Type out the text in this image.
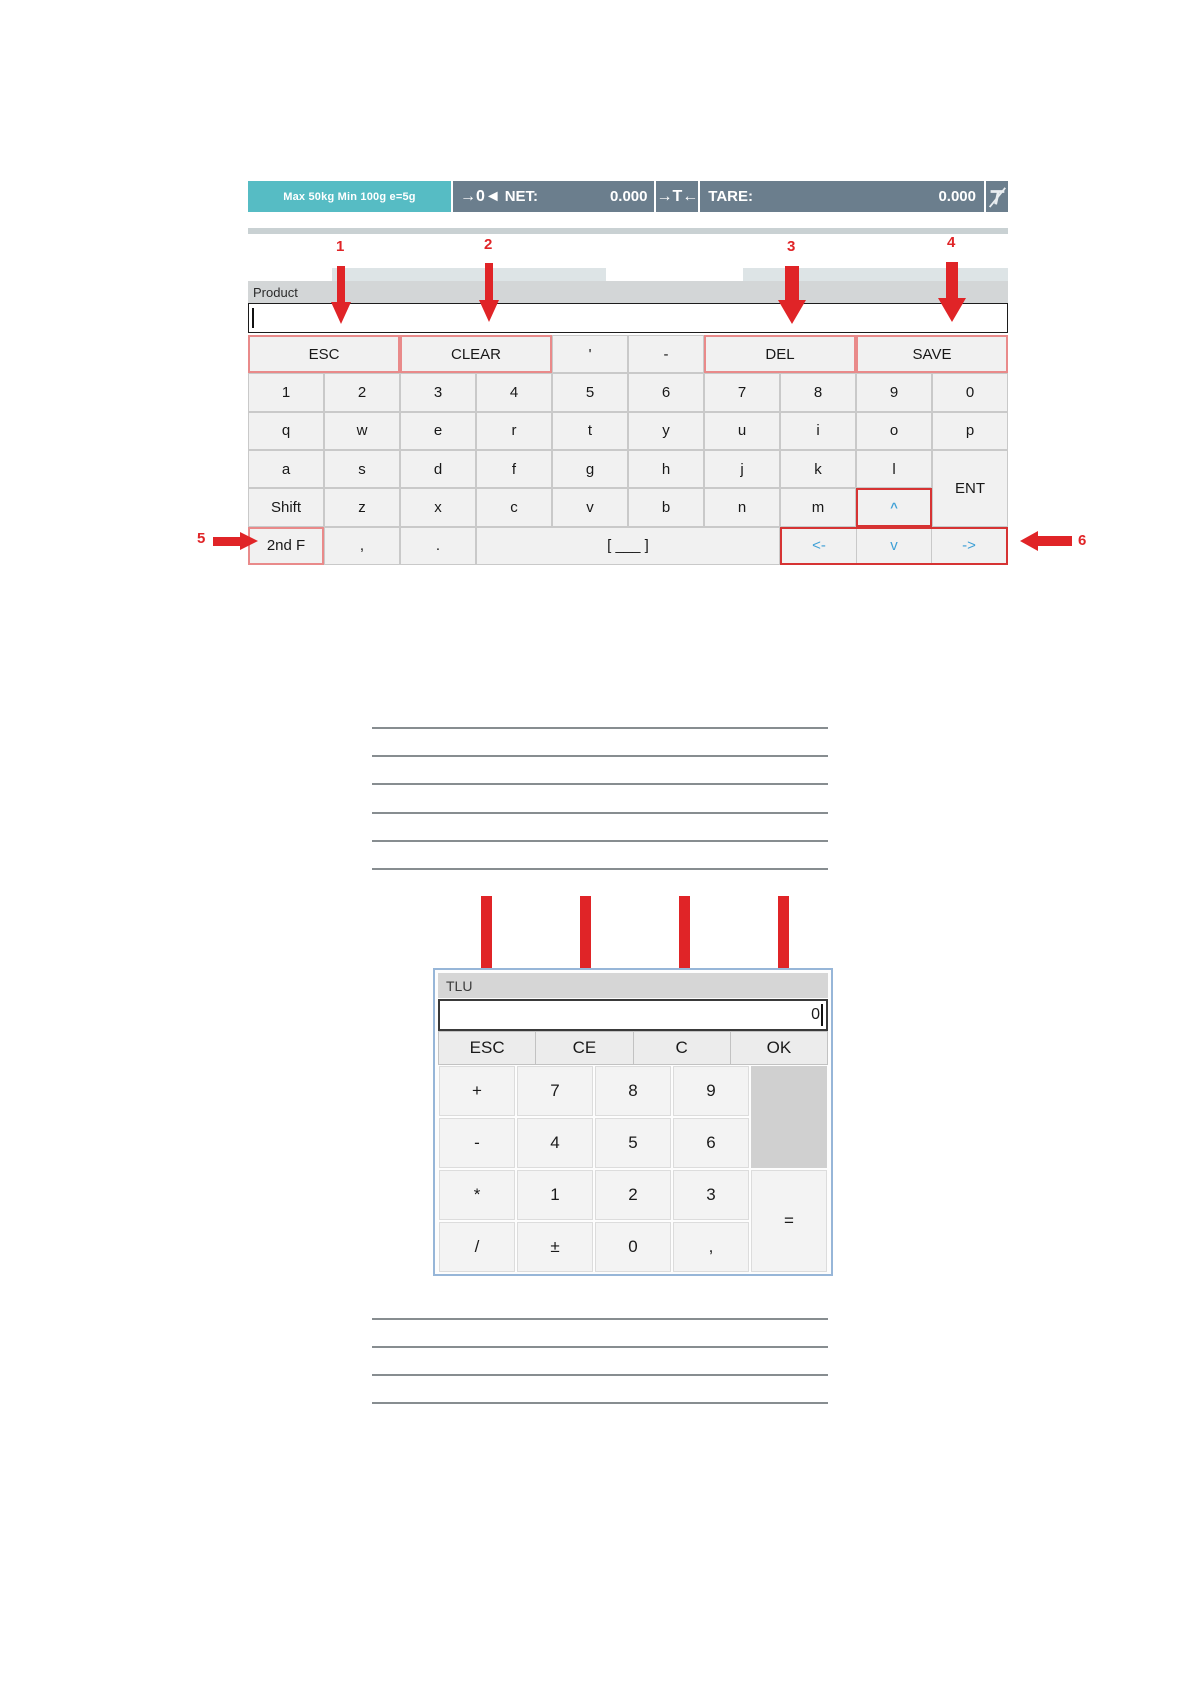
Max 50kg Min 100g e=5g	→0◄ NET:	0.000 →T← TARE:	0.000
Product
1	2	3	4
ESC	CLEAR	'	-	DEL	SAVE
1	2	3	4	5	6	7	8	9	0
q	w	e	r	t	y	u	i	o	p
a	s	d	f	g	h	j	k	l
ENT
Shift	z	x	c	v	b	n	m	^
2nd F	,	.	[ ___ ]	<-	v	->
5	6
TLU
0
ESC	CE	C	OK
+	7	8	9
-	4	5	6
*	1	2	3
=
/	±	0	,
